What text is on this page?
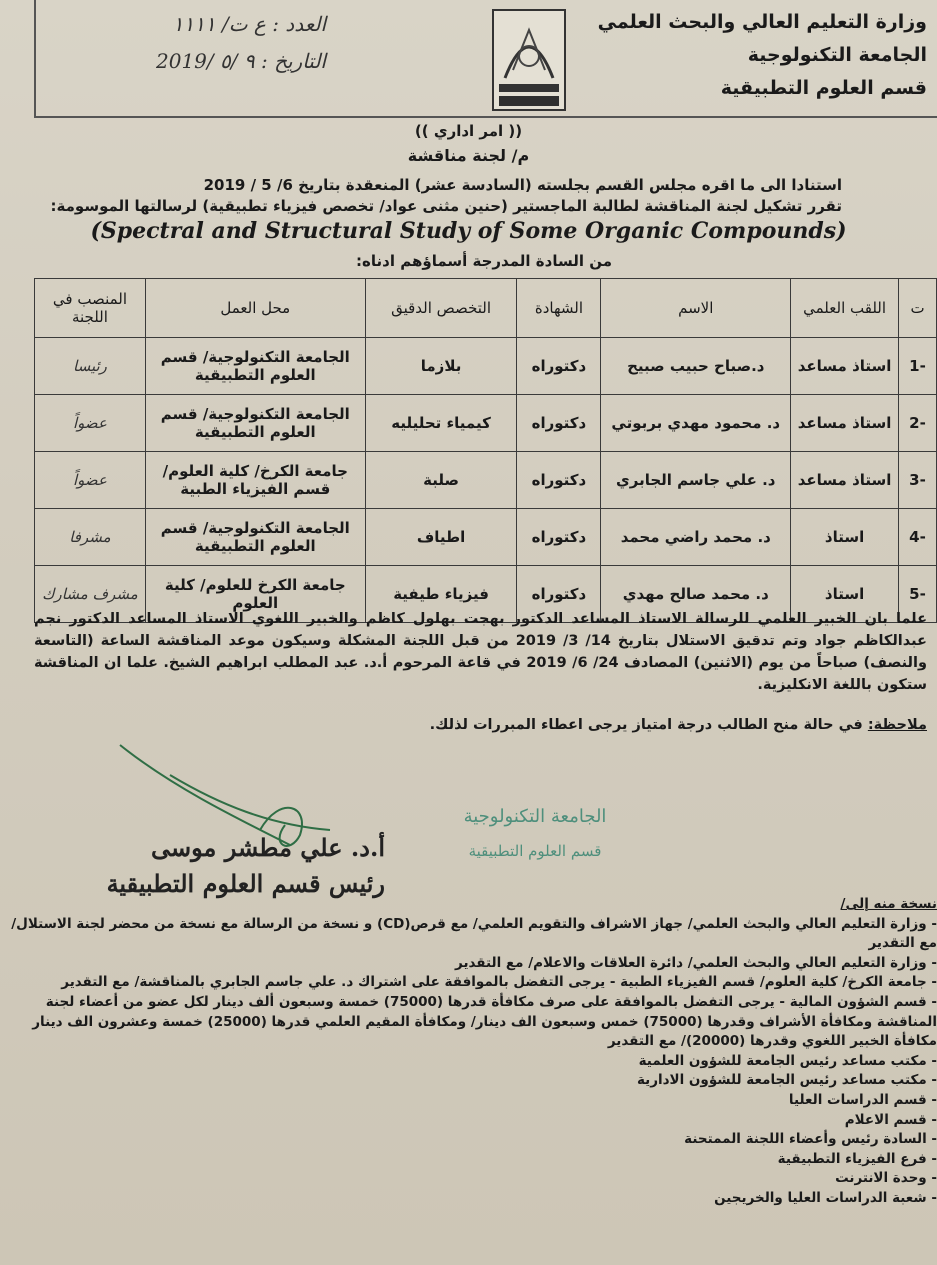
وزارة التعليم العالي والبحث العلمي
الجامعة التكنولوجية
قسم العلوم التطبيقية
العدد : ع ت/ ١١١١
التاريخ : ٩ /٥ /2019
(( امر اداري ))
م/ لجنة مناقشة
استنادا الى ما اقره مجلس القسم بجلسته (السادسة عشر) المنعقدة بتاريخ 6/ 5 / 2019
تقرر تشكيل لجنة المناقشة لطالبة الماجستير (حنين مثنى عواد/ تخصص فيزياء تطبيقية) لرسالتها الموسومة:
(Spectral and Structural Study of Some Organic Compounds)
من السادة المدرجة أسماؤهم ادناه:
ت	اللقب العلمي	الاسم	الشهادة	التخصص الدقيق	محل العمل	المنصب في اللجنة
-1	استاذ مساعد	د.صباح حبيب صبيح	دكتوراه	بلازما	الجامعة التكنولوجية/ قسم العلوم التطبيقية	رئيسا
-2	استاذ مساعد	د. محمود مهدي بربوتي	دكتوراه	كيمياء تحليليه	الجامعة التكنولوجية/ قسم العلوم التطبيقية	عضواً
-3	استاذ مساعد	د. علي جاسم الجابري	دكتوراه	صلبة	جامعة الكرخ/ كلية العلوم/ قسم الفيزياء الطبية	عضواً
-4	استاذ	د. محمد راضي محمد	دكتوراه	اطياف	الجامعة التكنولوجية/ قسم العلوم التطبيقية	مشرفا
-5	استاذ	د. محمد صالح مهدي	دكتوراه	فيزياء طيفية	جامعة الكرخ للعلوم/ كلية العلوم	مشرف مشارك
علما بان الخبير العلمي للرسالة الاستاذ المساعد الدكتور بهجت بهلول كاظم والخبير اللغوي الاستاذ المساعد الدكتور نجم عبدالكاظم جواد وتم تدقيق الاستلال بتاريخ 14/ 3/ 2019 من قبل اللجنة المشكلة وسيكون موعد المناقشة الساعة (التاسعة والنصف) صباحاً من يوم (الاثنين) المصادف 24/ 6/ 2019 في قاعة المرحوم أ.د. عبد المطلب ابراهيم الشيخ. علما ان المناقشة ستكون باللغة الانكليزية.
ملاحظة: في حالة منح الطالب درجة امتياز يرجى اعطاء المبررات لذلك.
الجامعة التكنولوجية
قسم العلوم التطبيقية
أ.د. علي مطشر موسى
رئيس قسم العلوم التطبيقية
نسخة منه إلى/
- وزارة التعليم العالي والبحث العلمي/ جهاز الاشراف والتقويم العلمي/ مع قرص(CD) و نسخة من الرسالة مع نسخة من محضر لجنة الاستلال/
مع التقدير
- وزارة التعليم العالي والبحث العلمي/ دائرة العلاقات والاعلام/ مع التقدير
- جامعة الكرخ/ كلية العلوم/ قسم الفيزياء الطبية - يرجى التفضل بالموافقة على اشتراك د. علي جاسم الجابري بالمناقشة/ مع التقدير
- قسم الشؤون المالية - يرجى التفضل بالموافقة على صرف مكافأة قدرها (75000) خمسة وسبعون ألف دينار لكل عضو من أعضاء لجنة
المناقشة ومكافأة الأشراف وقدرها (75000) خمس وسبعون الف دينار/ ومكافأة المقيم العلمي قدرها (25000) خمسة وعشرون الف دينار
مكافأة الخبير اللغوي وقدرها (20000)/ مع التقدير
- مكتب مساعد رئيس الجامعة للشؤون العلمية
- مكتب مساعد رئيس الجامعة للشؤون الادارية
- قسم الدراسات العليا
- قسم الاعلام
- السادة رئيس وأعضاء اللجنة الممتحنة
- فرع الفيزياء التطبيقية
- وحدة الانترنت
- شعبة الدراسات العليا والخريجين
